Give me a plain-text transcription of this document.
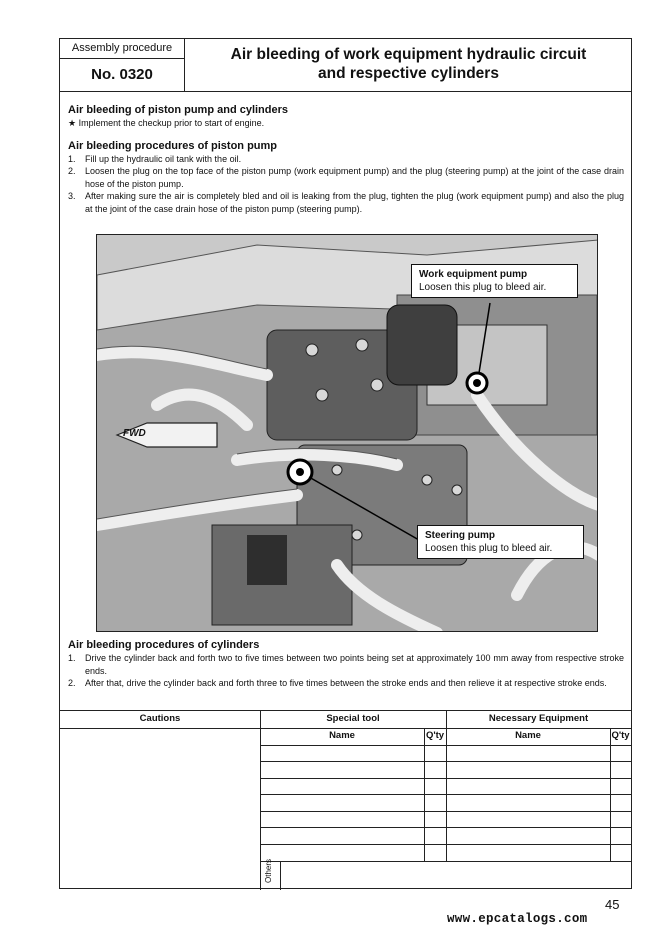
Assembly procedure
No. 0320
Air bleeding of work equipment hydraulic circuit
and respective cylinders
Air bleeding of piston pump and cylinders
★ Implement the checkup prior to start of engine.
Air bleeding procedures of piston pump
1.	Fill up the hydraulic oil tank with the oil.
2.	Loosen the plug on the top face of the piston pump (work equipment pump) and the plug (steering pump) at the joint of the case drain hose of the piston pump.
3.	After making sure the air is completely bled and oil is leaking from the plug, tighten the plug (work equipment pump) and also the plug at the joint of the case drain hose of the piston pump (steering pump).
FWD
Work equipment pump
Loosen this plug to bleed air.
Steering pump
Loosen this plug to bleed air.
Air bleeding procedures of cylinders
1.	Drive the cylinder back and forth two to five times between two points being set at approximately 100 mm away from respective stroke ends.
2.	After that, drive the cylinder back and forth three to five times between the stroke ends and then relieve it at respective stroke ends.
Cautions	Special tool	Necessary Equipment
Name	Q'ty	Name	Q'ty
Others
45
www.epcatalogs.com
